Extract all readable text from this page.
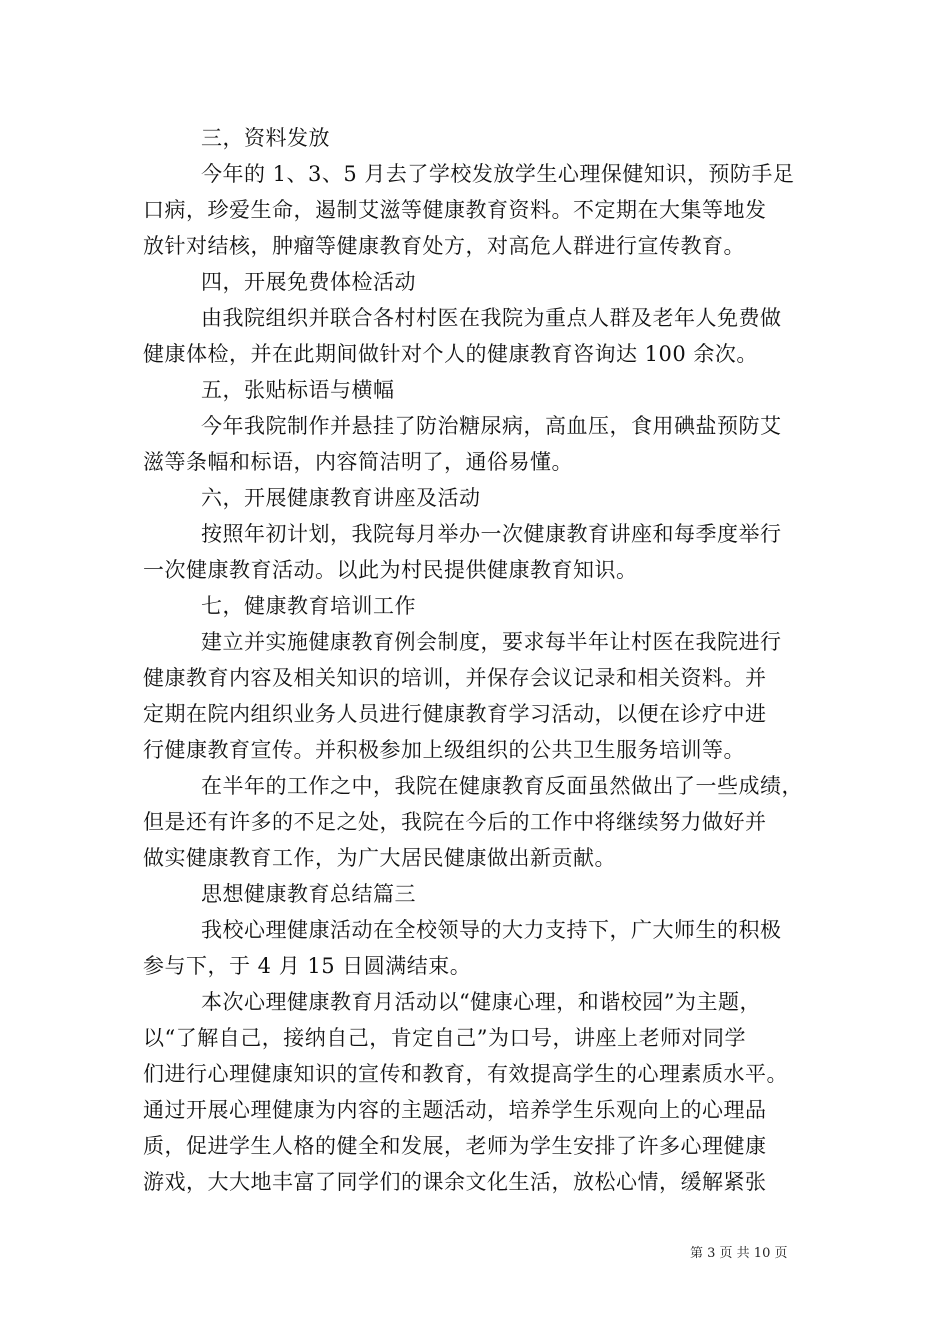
三，资料发放
今年的 1、3、5 月去了学校发放学生心理保健知识，预防手足
口病，珍爱生命，遏制艾滋等健康教育资料。不定期在大集等地发
放针对结核，肿瘤等健康教育处方，对高危人群进行宣传教育。
四，开展免费体检活动
由我院组织并联合各村村医在我院为重点人群及老年人免费做
健康体检，并在此期间做针对个人的健康教育咨询达 100 余次。
五，张贴标语与横幅
今年我院制作并悬挂了防治糖尿病，高血压，食用碘盐预防艾
滋等条幅和标语，内容简洁明了，通俗易懂。
六，开展健康教育讲座及活动
按照年初计划，我院每月举办一次健康教育讲座和每季度举行
一次健康教育活动。以此为村民提供健康教育知识。
七，健康教育培训工作
建立并实施健康教育例会制度，要求每半年让村医在我院进行
健康教育内容及相关知识的培训，并保存会议记录和相关资料。并
定期在院内组织业务人员进行健康教育学习活动，以便在诊疗中进
行健康教育宣传。并积极参加上级组织的公共卫生服务培训等。
在半年的工作之中，我院在健康教育反面虽然做出了一些成绩，
但是还有许多的不足之处，我院在今后的工作中将继续努力做好并
做实健康教育工作，为广大居民健康做出新贡献。
思想健康教育总结篇三
我校心理健康活动在全校领导的大力支持下，广大师生的积极
参与下，于 4 月 15 日圆满结束。
本次心理健康教育月活动以“健康心理，和谐校园”为主题，
以“了解自己，接纳自己，肯定自己”为口号，讲座上老师对同学
们进行心理健康知识的宣传和教育，有效提高学生的心理素质水平。
通过开展心理健康为内容的主题活动，培养学生乐观向上的心理品
质，促进学生人格的健全和发展，老师为学生安排了许多心理健康
游戏，大大地丰富了同学们的课余文化生活，放松心情，缓解紧张
第 3 页 共 10 页
